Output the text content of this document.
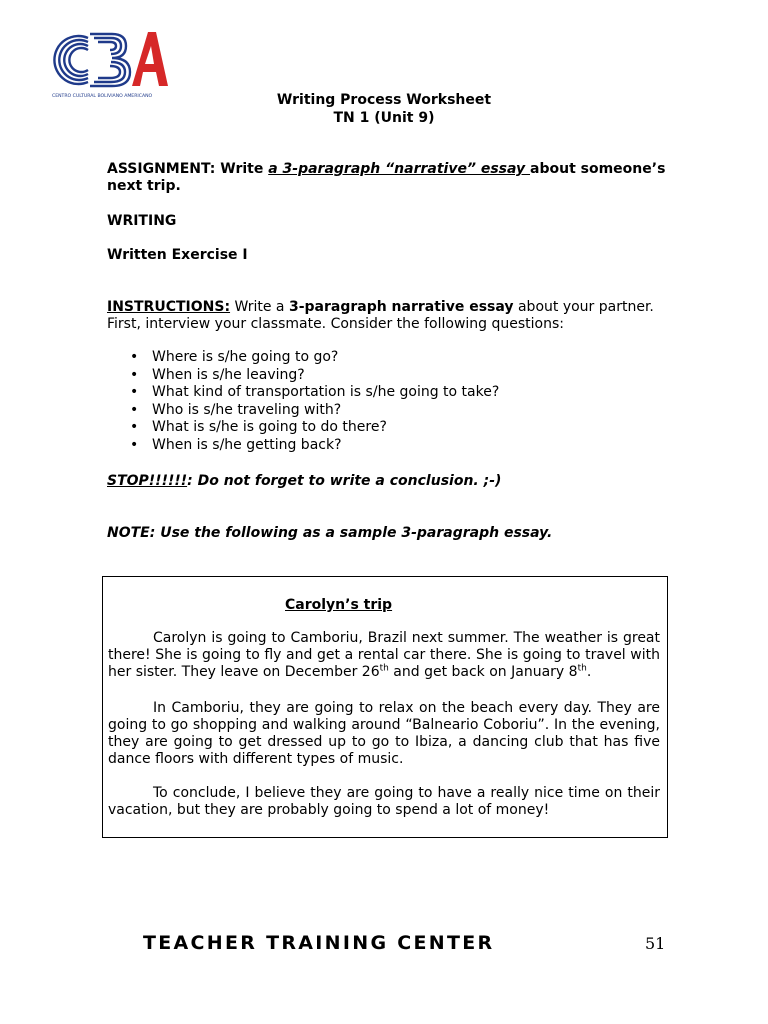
CENTRO CULTURAL BOLIVIANO AMERICANO	Writing Process Worksheet
TN 1 (Unit 9)
ASSIGNMENT: Write a 3-paragraph “narrative” essay about someone’s next trip.
WRITING
Written Exercise I
INSTRUCTIONS: Write a 3-paragraph narrative essay about your partner. First, interview your classmate. Consider the following questions:
• Where is s/he going to go?
• When is s/he leaving?
• What kind of transportation is s/he going to take?
• Who is s/he traveling with?
• What is s/he is going to do there?
• When is s/he getting back?
STOP!!!!!!: Do not forget to write a conclusion. ;-)
NOTE: Use the following as a sample 3-paragraph essay.
Carolyn’s trip

Carolyn is going to Camboriu, Brazil next summer. The weather is great there! She is going to fly and get a rental car there. She is going to travel with her sister. They leave on December 26th and get back on January 8th.

In Camboriu, they are going to relax on the beach every day. They are going to go shopping and walking around “Balneario Coboriu”. In the evening, they are going to get dressed up to go to Ibiza, a dancing club that has five dance floors with different types of music.

To conclude, I believe they are going to have a really nice time on their vacation, but they are probably going to spend a lot of money!

TEACHER TRAINING CENTER	51
